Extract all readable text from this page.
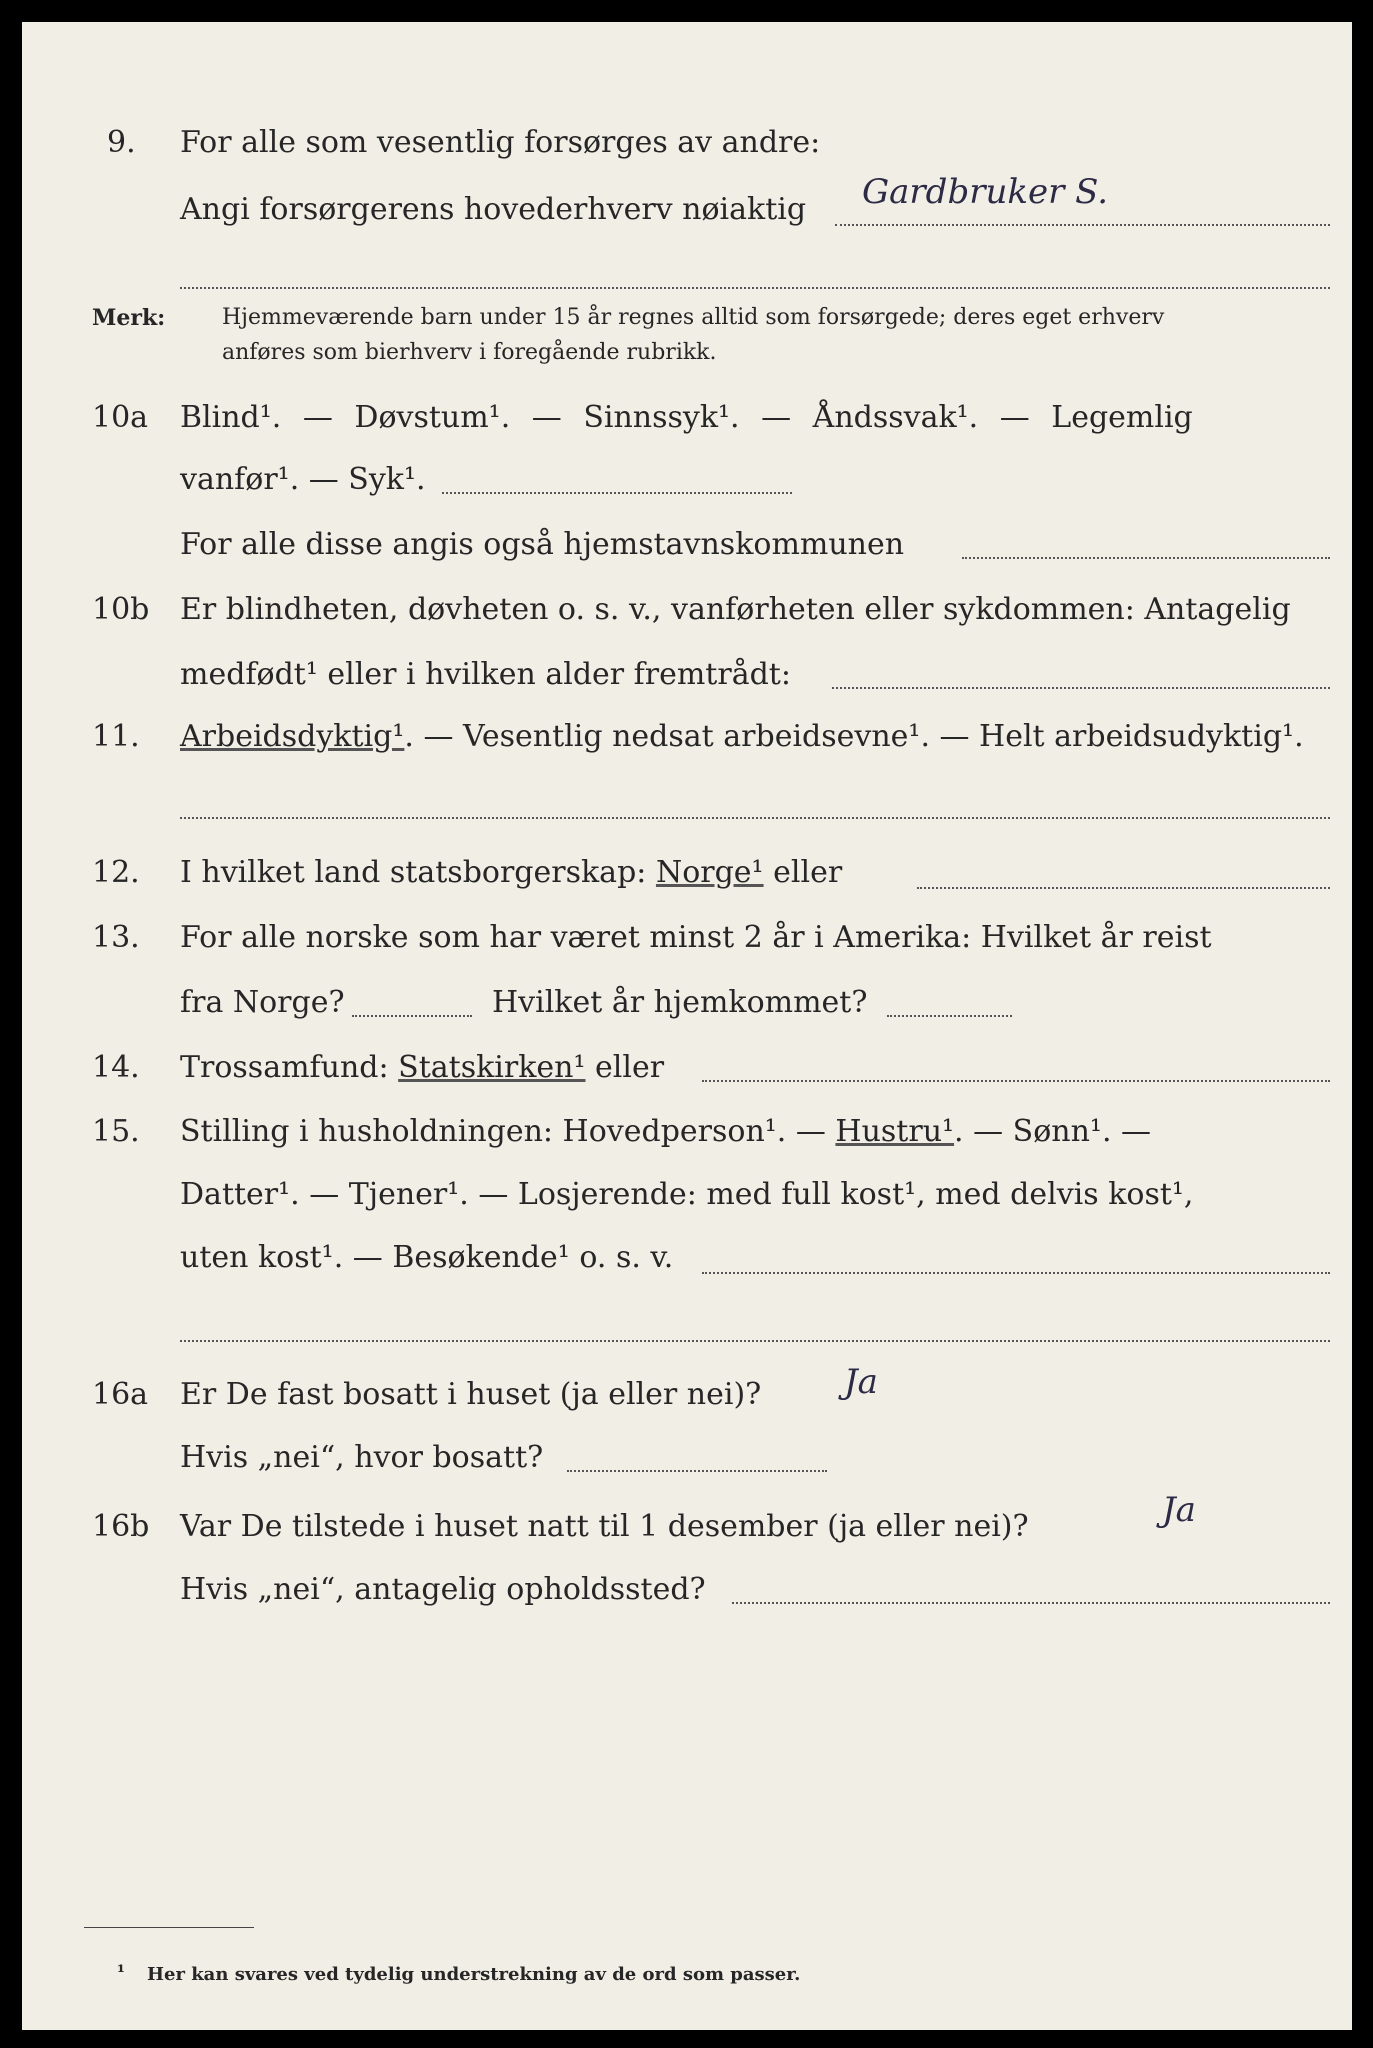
9. For alle som vesentlig forsørges av andre:
Angi forsørgerens hovederhverv nøiaktig Gardbruker S.
Merk:	Hjemmeværende barn under 15 år regnes alltid som forsørgede; deres eget erhverv
anføres som bierhverv i foregående rubrikk.
10a Blind¹. — Døvstum¹. — Sinnssyk¹. — Åndssvak¹. — Legemlig
vanfør¹. — Syk¹.
For alle disse angis også hjemstavnskommunen
10b Er blindheten, døvheten o. s. v., vanførheten eller sykdommen: Antagelig
medfødt¹ eller i hvilken alder fremtrådt:
11. Arbeidsdyktig¹. — Vesentlig nedsat arbeidsevne¹. — Helt arbeidsudyktig¹.
12. I hvilket land statsborgerskap: Norge¹ eller
13. For alle norske som har været minst 2 år i Amerika: Hvilket år reist
fra Norge?	Hvilket år hjemkommet?
14. Trossamfund: Statskirken¹ eller
15. Stilling i husholdningen: Hovedperson¹. — Hustru¹. — Sønn¹. —
Datter¹. — Tjener¹. — Losjerende: med full kost¹, med delvis kost¹,
uten kost¹. — Besøkende¹ o. s. v.
16a Er De fast bosatt i huset (ja eller nei)? Ja
Hvis „nei“, hvor bosatt?
16b Var De tilstede i huset natt til 1 desember (ja eller nei)?	Ja
Hvis „nei“, antagelig opholdssted?
¹ Her kan svares ved tydelig understrekning av de ord som passer.
